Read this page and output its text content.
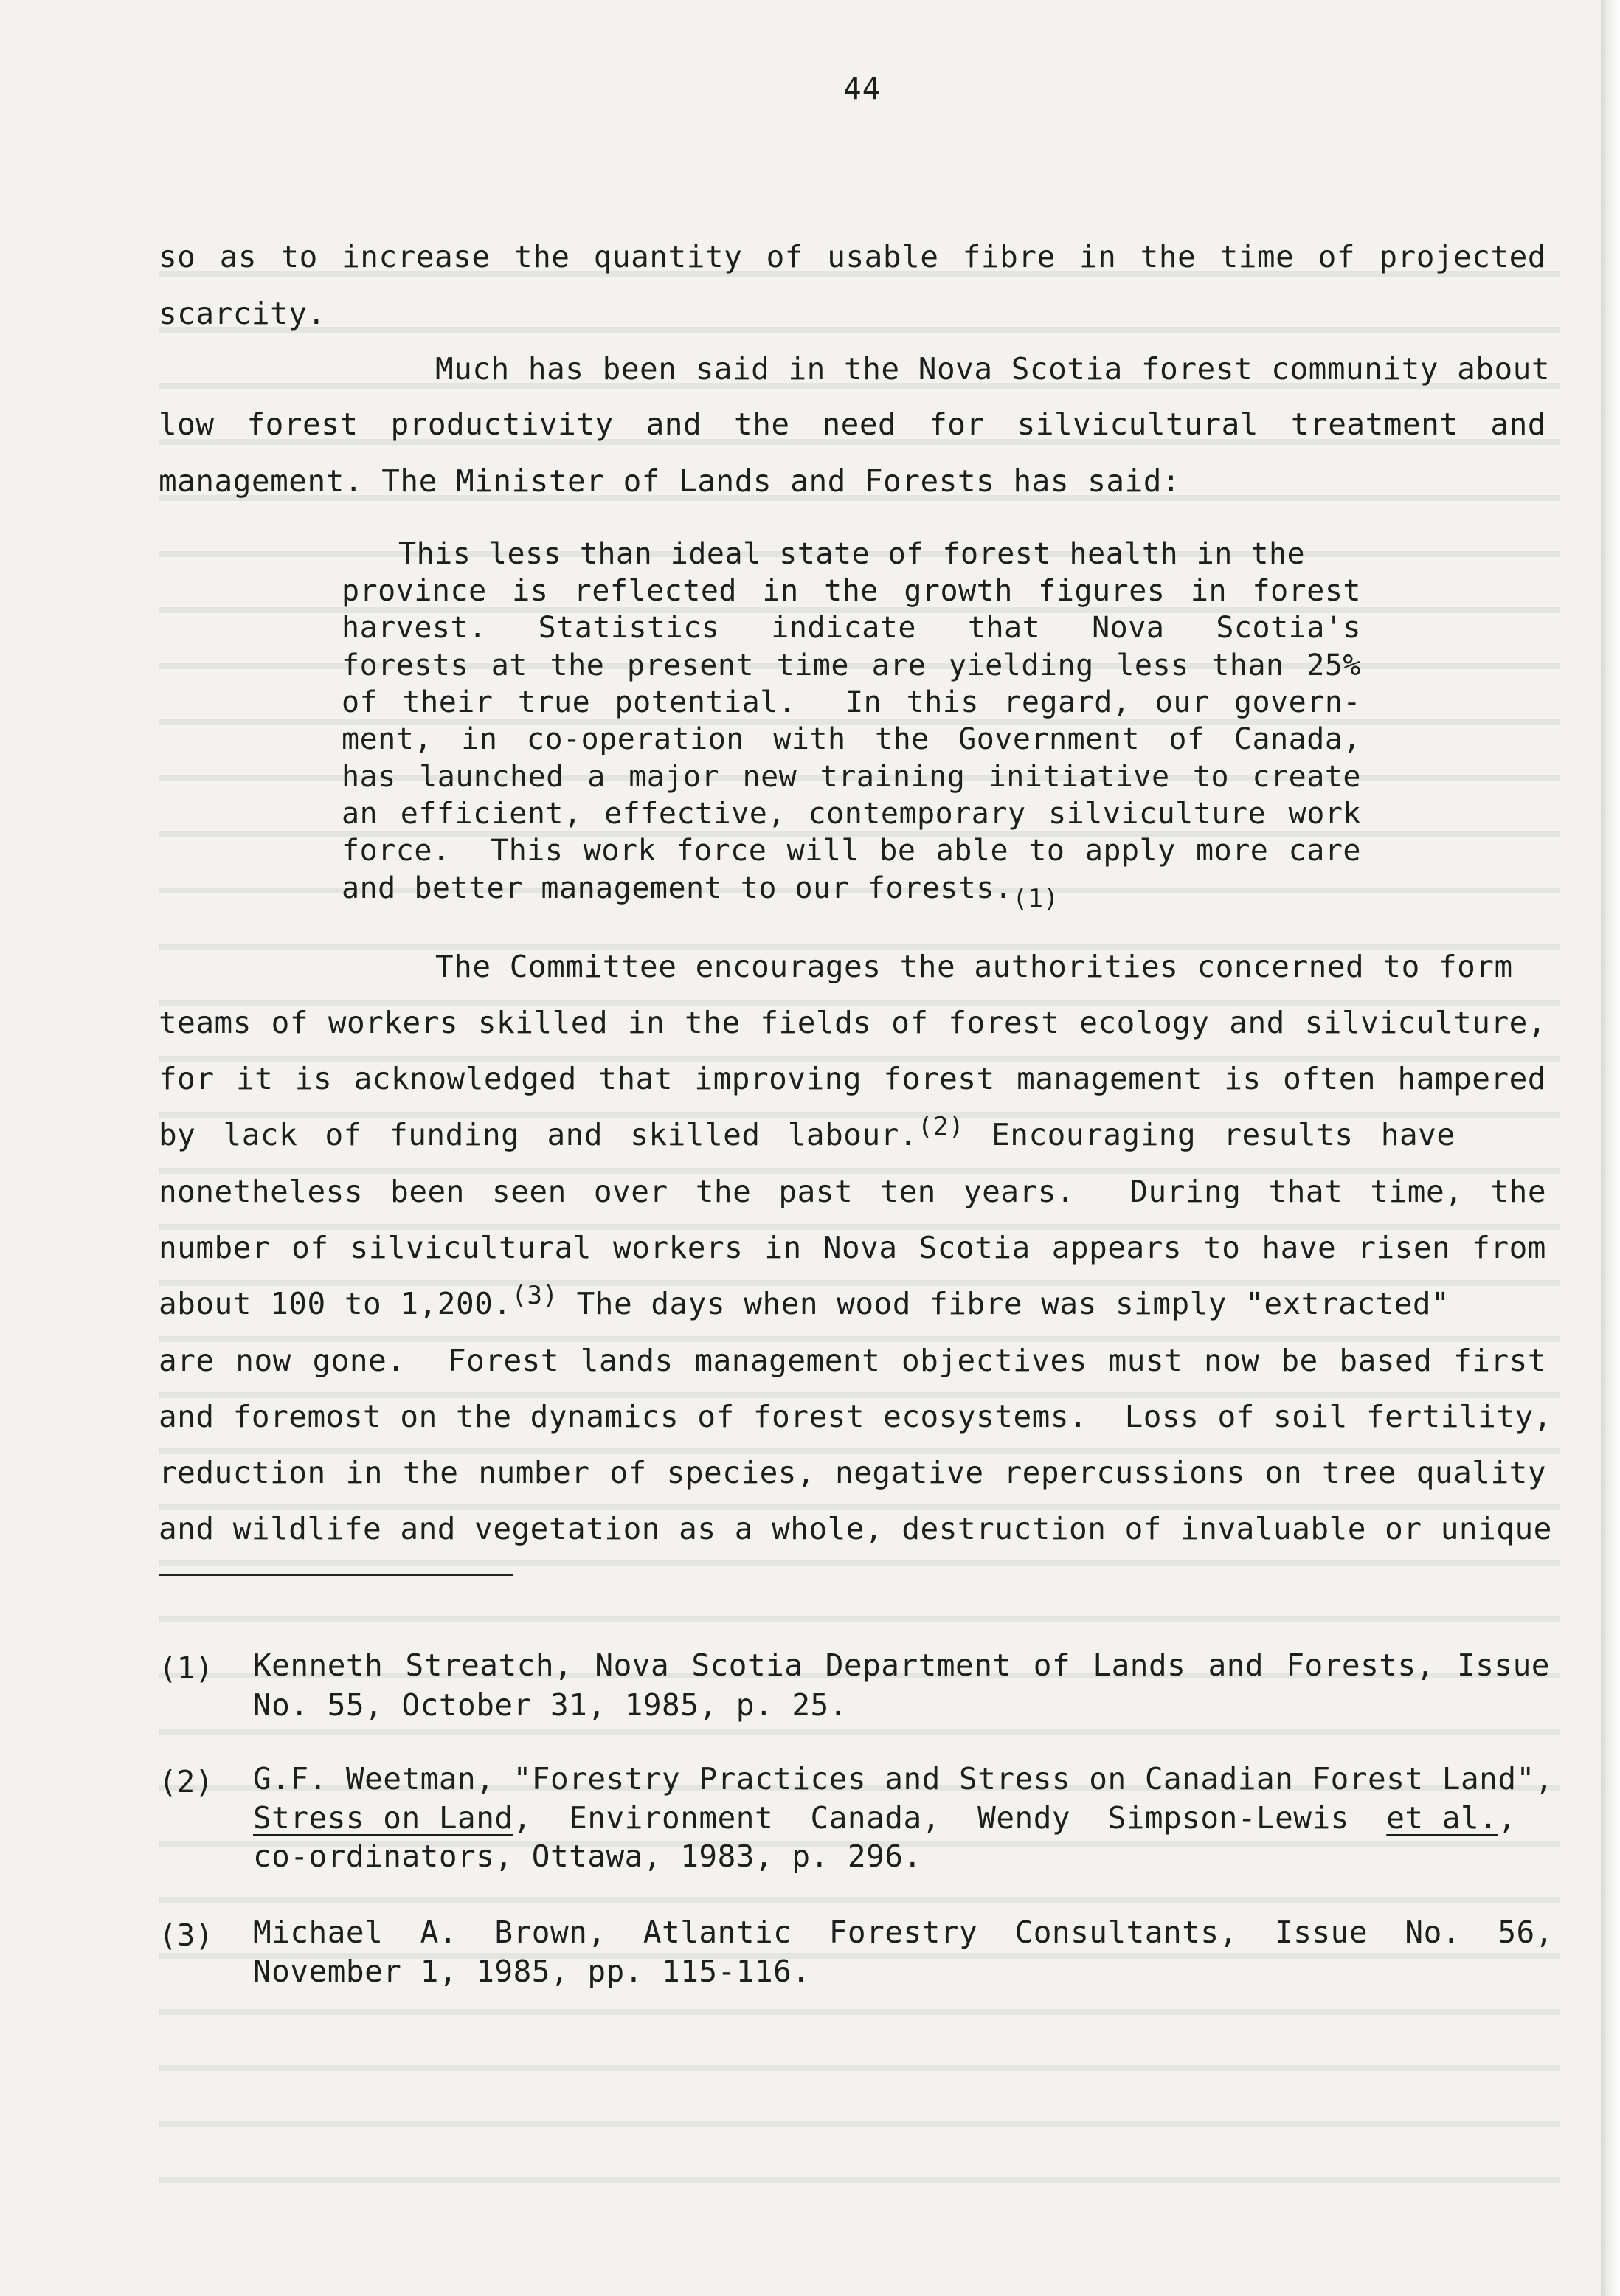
44
so as to increase the quantity of usable fibre in the time of projected
scarcity.
Much has been said in the Nova Scotia forest community about
low forest productivity and the need for silvicultural treatment and
management. The Minister of Lands and Forests has said:
This less than ideal state of forest health in the
province is reflected in the growth figures in forest
harvest.  Statistics  indicate  that  Nova  Scotia's
forests at the present time are yielding less than 25%
of their true potential.  In this regard, our govern-
ment, in co-operation with the Government of Canada,
has launched a major new training initiative to create
an efficient, effective, contemporary silviculture work
force.  This work force will be able to apply more care
and better management to our forests.$^{(1)}$
The Committee encourages the authorities concerned to form
teams of workers skilled in the fields of forest ecology and silviculture,
for it is acknowledged that improving forest management is often hampered
by lack of funding and skilled labour.$^{(2)}$ Encouraging results have
nonetheless been seen over the past ten years.  During that time, the
number of silvicultural workers in Nova Scotia appears to have risen from
about 100 to 1,200.$^{(3)}$ The days when wood fibre was simply "extracted"
are now gone.  Forest lands management objectives must now be based first
and foremost on the dynamics of forest ecosystems.  Loss of soil fertility,
reduction in the number of species, negative repercussions on tree quality
and wildlife and vegetation as a whole, destruction of invaluable or unique
(1) Kenneth Streatch, Nova Scotia Department of Lands and Forests, Issue
No. 55, October 31, 1985, p. 25.
(2) G.F. Weetman, "Forestry Practices and Stress on Canadian Forest Land",
Stress on Land,  Environment  Canada,  Wendy  Simpson-Lewis  et al.,
co-ordinators, Ottawa, 1983, p. 296.
(3) Michael  A.  Brown,  Atlantic  Forestry  Consultants,  Issue  No.  56,
November 1, 1985, pp. 115-116.
